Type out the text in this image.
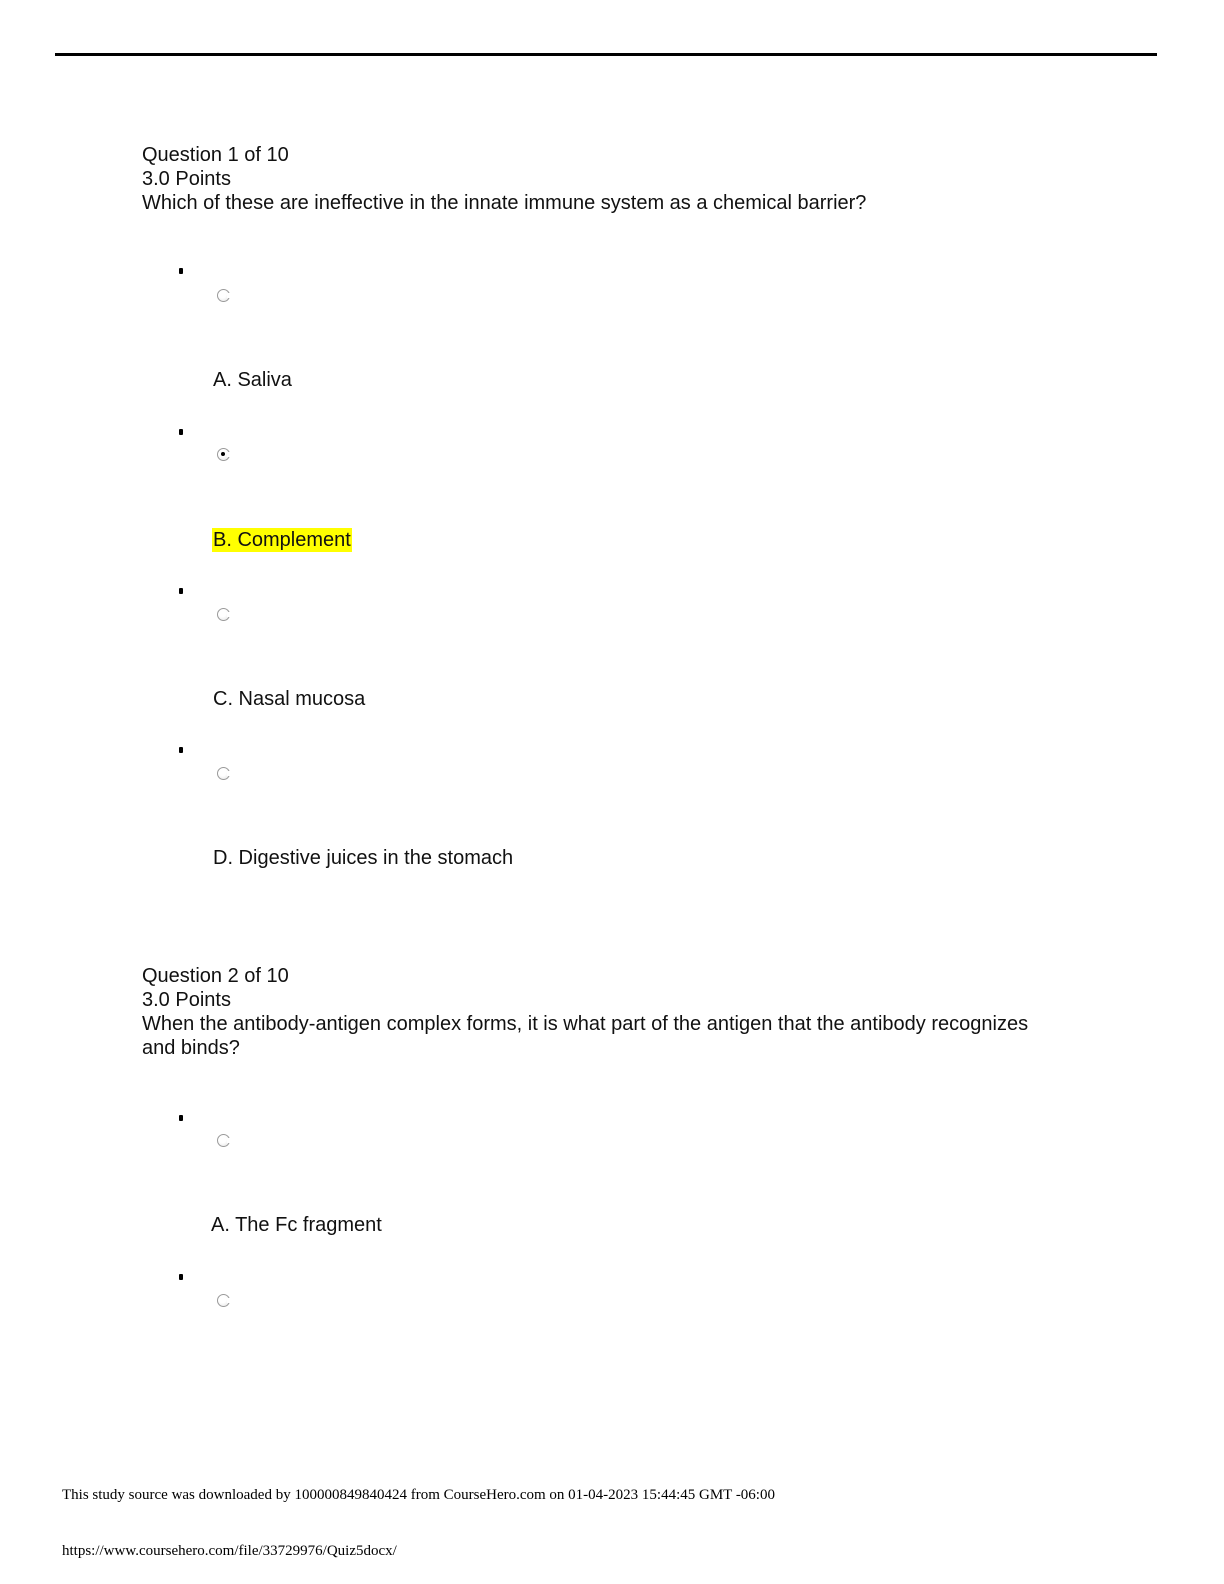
Question 1 of 10
3.0 Points
Which of these are ineffective in the innate immune system as a chemical barrier?
A. Saliva
B. Complement
C. Nasal mucosa
D. Digestive juices in the stomach
Question 2 of 10
3.0 Points
When the antibody-antigen complex forms, it is what part of the antigen that the antibody recognizes
and binds?
A. The Fc fragment
This study source was downloaded by 100000849840424 from CourseHero.com on 01-04-2023 15:44:45 GMT -06:00
https://www.coursehero.com/file/33729976/Quiz5docx/
